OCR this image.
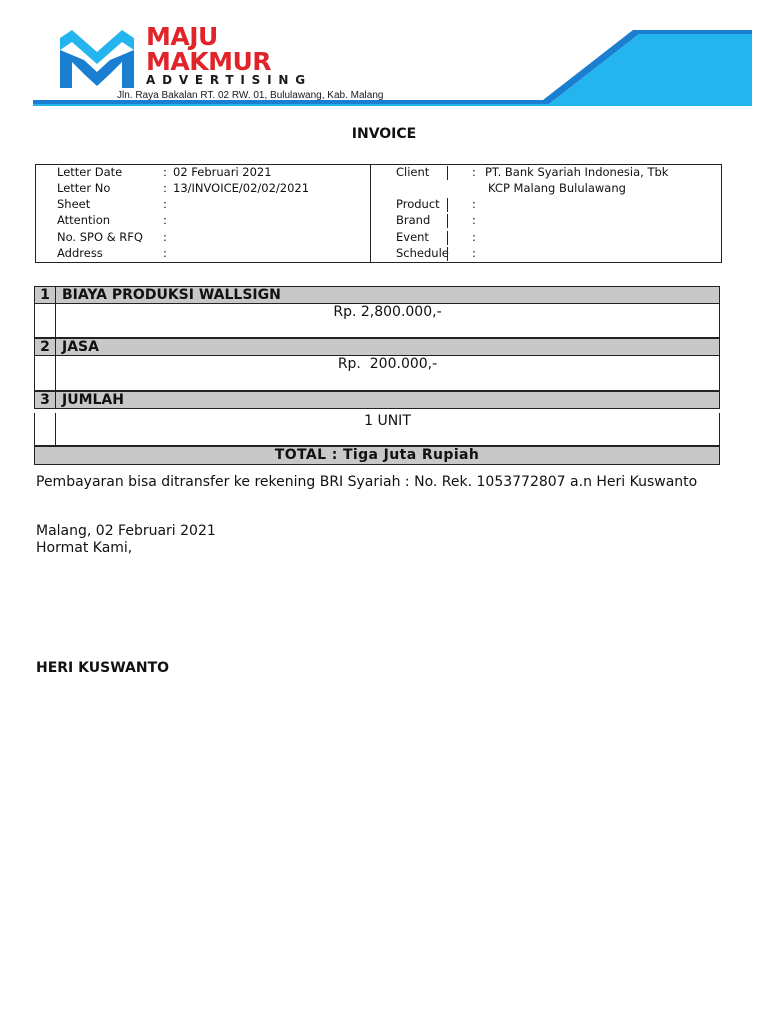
MAJU
MAKMUR
ADVERTISING
Jln. Raya Bakalan RT. 02 RW. 01, Bululawang, Kab. Malang
INVOICE
Letter Date	: 02 Februari 2021
Letter No	: 13/INVOICE/02/02/2021
Sheet	:
Attention	:
No. SPO & RFQ :
Address	:
Client	: PT. Bank Syariah Indonesia, Tbk
KCP Malang Bululawang
Product	:
Brand	:
Event	:
Schedule :
1 BIAYA PRODUKSI WALLSIGN
Rp. 2,800.000,-
2 JASA
Rp.  200.000,-
3 JUMLAH
1 UNIT
TOTAL : Tiga Juta Rupiah
Pembayaran bisa ditransfer ke rekening BRI Syariah : No. Rek. 1053772807 a.n Heri Kuswanto
Malang, 02 Februari 2021
Hormat Kami,
HERI KUSWANTO
